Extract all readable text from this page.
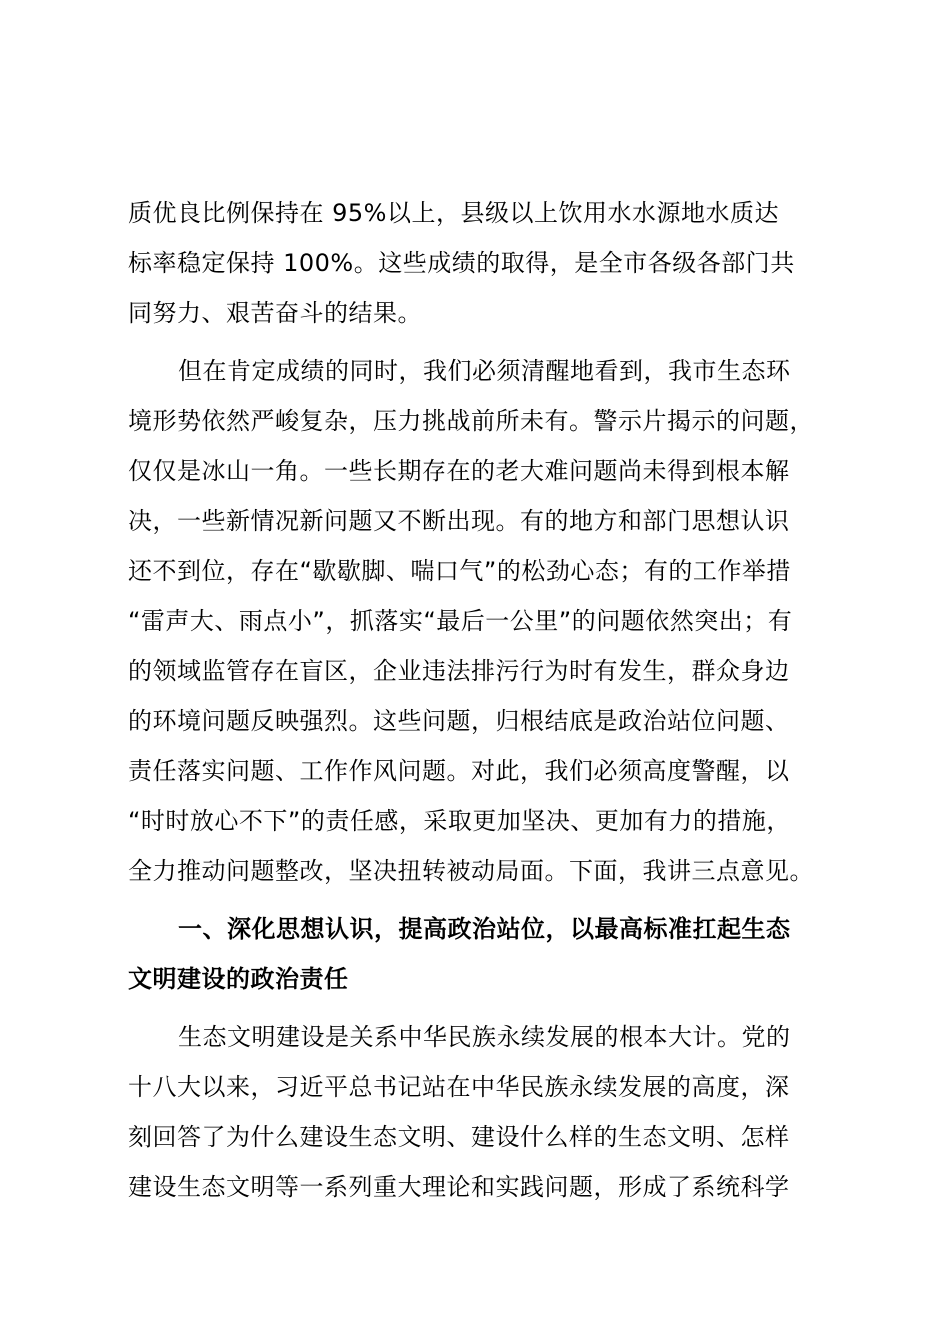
质优良比例保持在 95%以上，县级以上饮用水水源地水质达
标率稳定保持 100%。这些成绩的取得，是全市各级各部门共
同努力、艰苦奋斗的结果。
但在肯定成绩的同时，我们必须清醒地看到，我市生态环
境形势依然严峻复杂，压力挑战前所未有。警示片揭示的问题，
仅仅是冰山一角。一些长期存在的老大难问题尚未得到根本解
决，一些新情况新问题又不断出现。有的地方和部门思想认识
还不到位，存在“歇歇脚、喘口气”的松劲心态；有的工作举措
“雷声大、雨点小”，抓落实“最后一公里”的问题依然突出；有
的领域监管存在盲区，企业违法排污行为时有发生，群众身边
的环境问题反映强烈。这些问题，归根结底是政治站位问题、
责任落实问题、工作作风问题。对此，我们必须高度警醒，以
“时时放心不下”的责任感，采取更加坚决、更加有力的措施，
全力推动问题整改，坚决扭转被动局面。下面，我讲三点意见。
一、深化思想认识，提高政治站位，以最高标准扛起生态
文明建设的政治责任
生态文明建设是关系中华民族永续发展的根本大计。党的
十八大以来，习近平总书记站在中华民族永续发展的高度，深
刻回答了为什么建设生态文明、建设什么样的生态文明、怎样
建设生态文明等一系列重大理论和实践问题，形成了系统科学
